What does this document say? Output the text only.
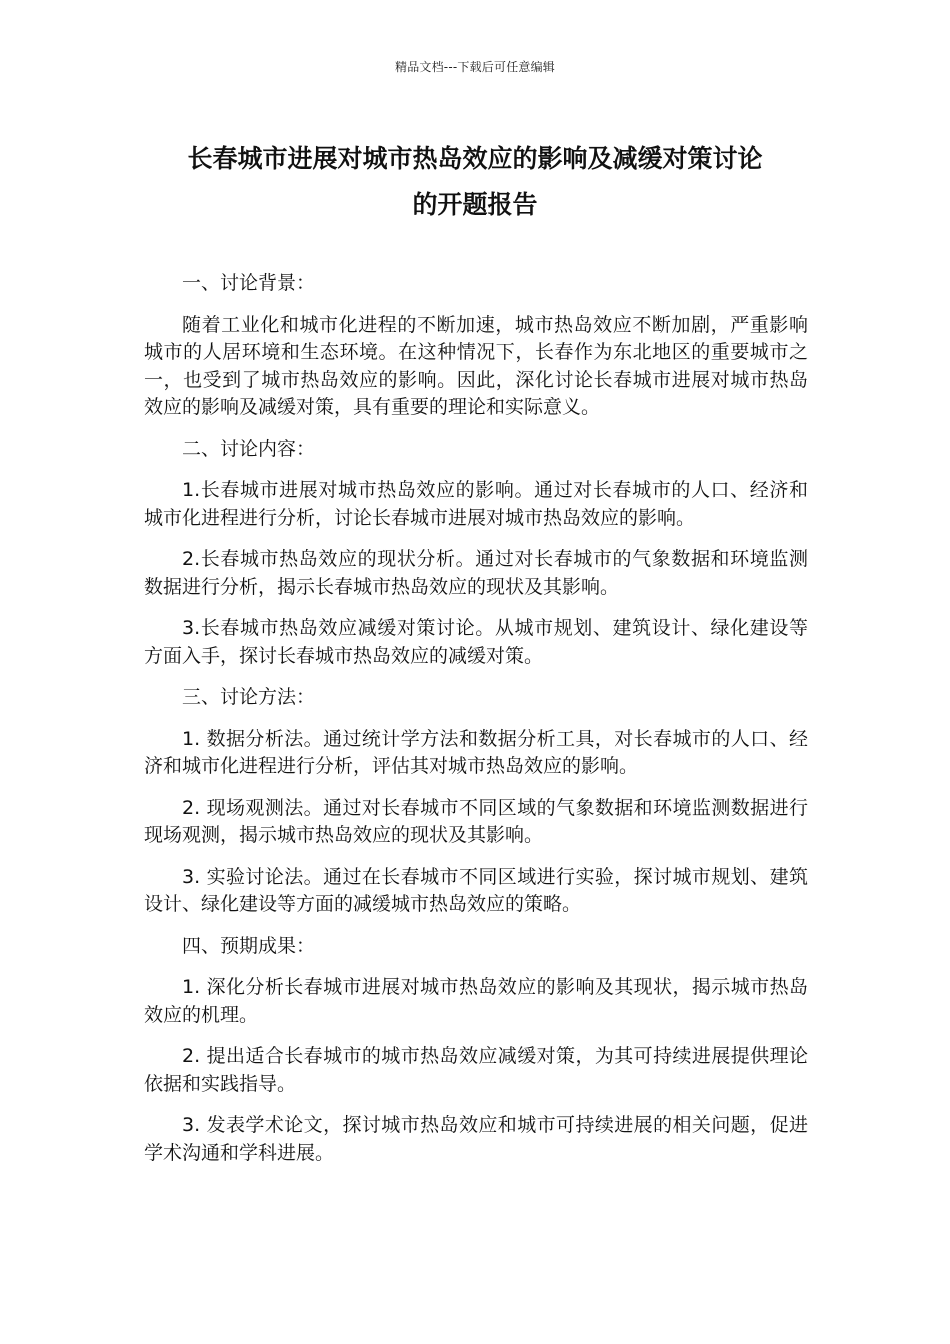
精品文档---下载后可任意编辑
长春城市进展对城市热岛效应的影响及减缓对策讨论
的开题报告

一、讨论背景：

随着工业化和城市化进程的不断加速，城市热岛效应不断加剧，严重影响城市的人居环境和生态环境。在这种情况下，长春作为东北地区的重要城市之一，也受到了城市热岛效应的影响。因此，深化讨论长春城市进展对城市热岛效应的影响及减缓对策，具有重要的理论和实际意义。

二、讨论内容：

1.长春城市进展对城市热岛效应的影响。通过对长春城市的人口、经济和城市化进程进行分析，讨论长春城市进展对城市热岛效应的影响。

2.长春城市热岛效应的现状分析。通过对长春城市的气象数据和环境监测数据进行分析，揭示长春城市热岛效应的现状及其影响。

3.长春城市热岛效应减缓对策讨论。从城市规划、建筑设计、绿化建设等方面入手，探讨长春城市热岛效应的减缓对策。

三、讨论方法：

1. 数据分析法。通过统计学方法和数据分析工具，对长春城市的人口、经济和城市化进程进行分析，评估其对城市热岛效应的影响。

2. 现场观测法。通过对长春城市不同区域的气象数据和环境监测数据进行现场观测，揭示城市热岛效应的现状及其影响。

3. 实验讨论法。通过在长春城市不同区域进行实验，探讨城市规划、建筑设计、绿化建设等方面的减缓城市热岛效应的策略。

四、预期成果：

1. 深化分析长春城市进展对城市热岛效应的影响及其现状，揭示城市热岛效应的机理。

2. 提出适合长春城市的城市热岛效应减缓对策，为其可持续进展提供理论依据和实践指导。

3. 发表学术论文，探讨城市热岛效应和城市可持续进展的相关问题，促进学术沟通和学科进展。
